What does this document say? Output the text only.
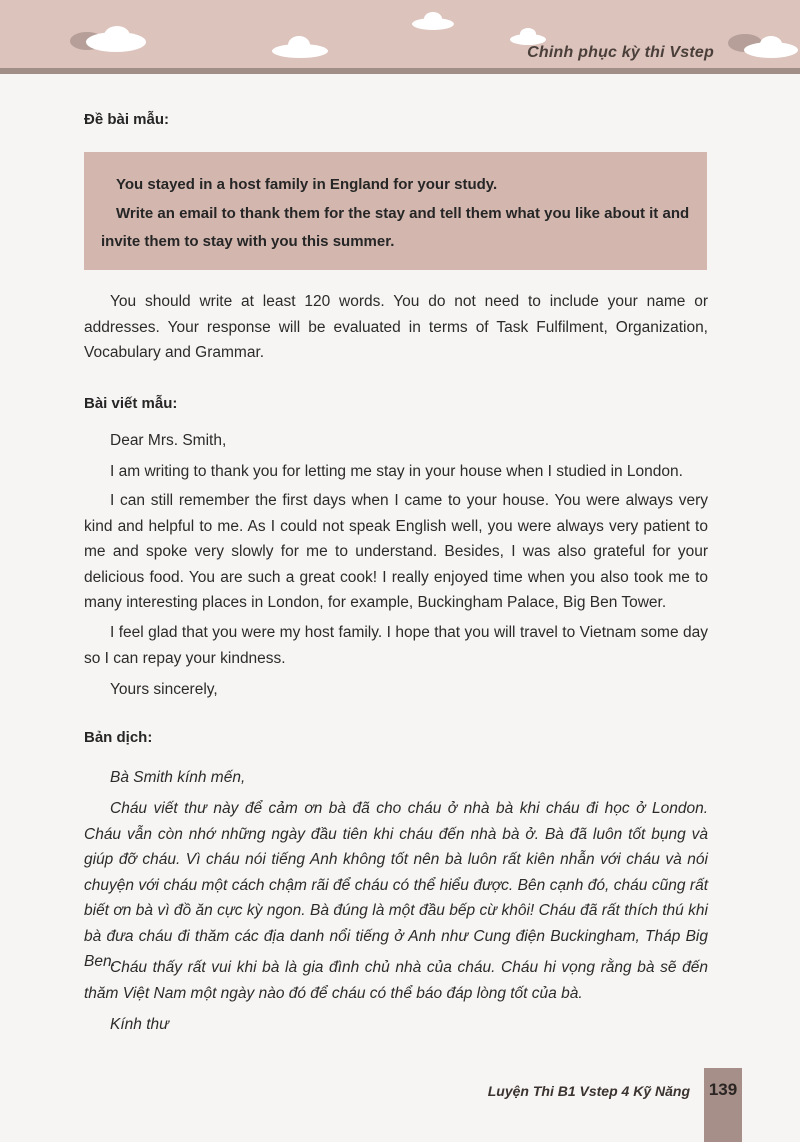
Chinh phục kỳ thi Vstep
Đề bài mẫu:

You stayed in a host family in England for your study.

Write an email to thank them for the stay and tell them what you like about it and

invite them to stay with you this summer.

You should write at least 120 words. You do not need to include your name or addresses. Your response will be evaluated in terms of Task Fulfilment, Organization, Vocabulary and Grammar.

Bài viết mẫu:

Dear Mrs. Smith,

I am writing to thank you for letting me stay in your house when I studied in London.

I can still remember the first days when I came to your house. You were always very kind and helpful to me. As I could not speak English well, you were always very patient to me and spoke very slowly for me to understand. Besides, I was also grateful for your delicious food. You are such a great cook! I really enjoyed time when you also took me to many interesting places in London, for example, Buckingham Palace, Big Ben Tower.

I feel glad that you were my host family. I hope that you will travel to Vietnam some day so I can repay your kindness.

Yours sincerely,

Bản dịch:

Bà Smith kính mến,

Cháu viết thư này để cảm ơn bà đã cho cháu ở nhà bà khi cháu đi học ở London. Cháu vẫn còn nhớ những ngày đầu tiên khi cháu đến nhà bà ở. Bà đã luôn tốt bụng và giúp đỡ cháu. Vì cháu nói tiếng Anh không tốt nên bà luôn rất kiên nhẫn với cháu và nói chuyện với cháu một cách chậm rãi để cháu có thể hiểu được. Bên cạnh đó, cháu cũng rất biết ơn bà vì đồ ăn cực kỳ ngon. Bà đúng là một đầu bếp cừ khôi! Cháu đã rất thích thú khi bà đưa cháu đi thăm các địa danh nổi tiếng ở Anh như Cung điện Buckingham, Tháp Big Ben.

Cháu thấy rất vui khi bà là gia đình chủ nhà của cháu. Cháu hi vọng rằng bà sẽ đến thăm Việt Nam một ngày nào đó để cháu có thể báo đáp lòng tốt của bà.

Kính thư

Luyện Thi B1 Vstep 4 Kỹ Năng 139
